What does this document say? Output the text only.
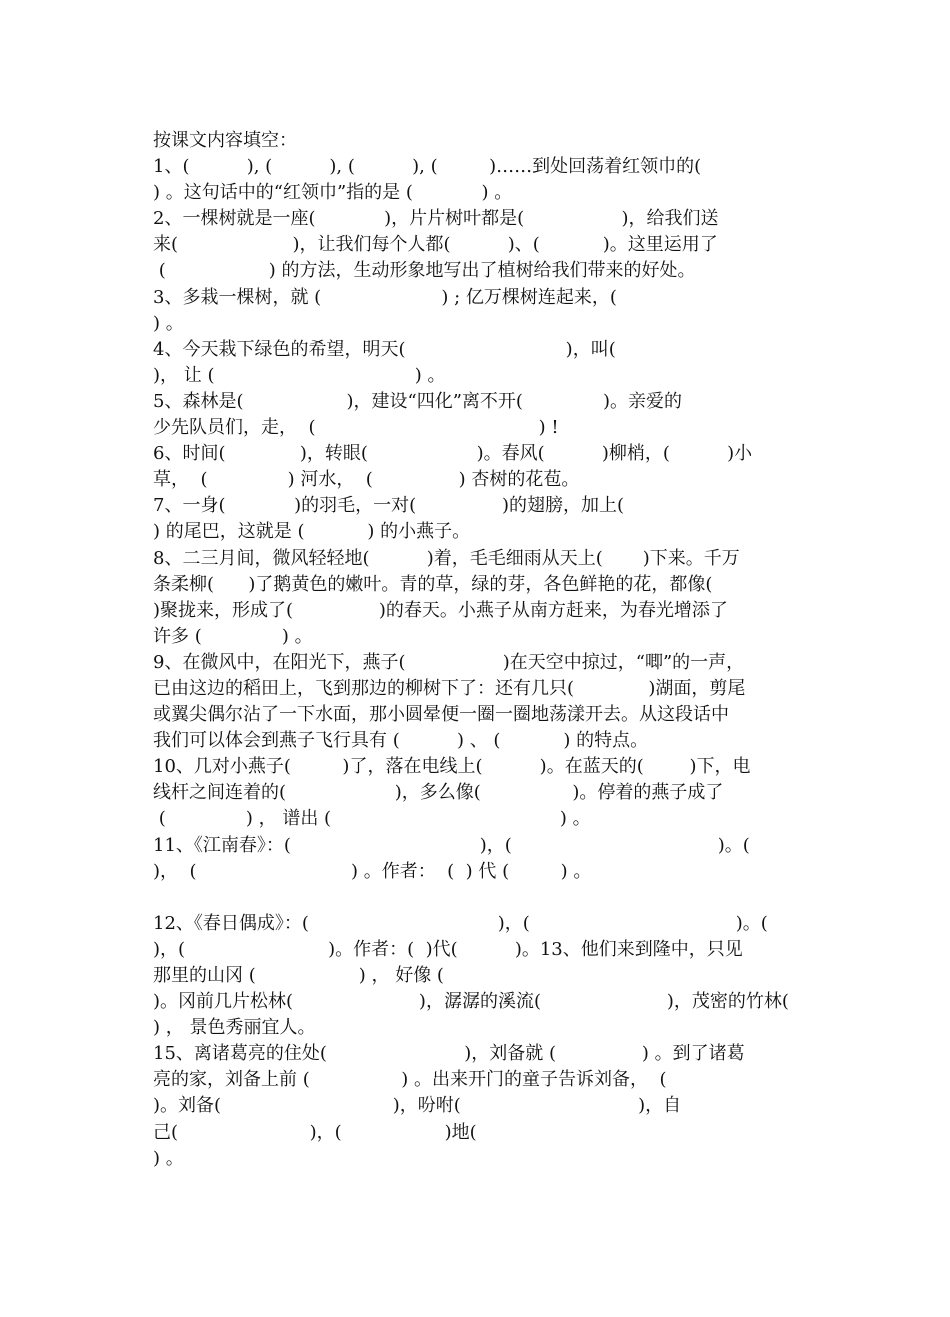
按课文内容填空：
1、(          ), (          ), (          ), (         )……到处回荡着红领巾的(
) 。这句话中的“红领巾”指的是 (            ) 。
2、一棵树就是一座(            )，片片树叶都是(                 )，给我们送
来(                    )，让我们每个人都(          )、(           )。这里运用了
(                  ) 的方法，生动形象地写出了植树给我们带来的好处。
3、多栽一棵树，就 (                     ) ; 亿万棵树连起来，(
) 。
4、今天栽下绿色的希望，明天(                            )，叫(
)， 让 (                                   ) 。
5、森林是(                  )，建设“四化”离不开(              )。亲爱的
少先队员们，走，  (                                       ) !
6、时间(             )，转眼(                   )。春风(          )柳梢，(          )小
草，  (              ) 河水，  (               ) 杏树的花苞。
7、一身(            )的羽毛，一对(               )的翅膀，加上(
) 的尾巴，这就是 (           ) 的小燕子。
8、二三月间，微风轻轻地(          )着，毛毛细雨从天上(       )下来。千万
条柔柳(      )了鹅黄色的嫩叶。青的草，绿的芽，各色鲜艳的花，都像(
)聚拢来，形成了(               )的春天。小燕子从南方赶来，为春光增添了
许多 (              ) 。
9、在微风中，在阳光下，燕子(                 )在天空中掠过，“唧”的一声，
已由这边的稻田上，飞到那边的柳树下了：还有几只(             )湖面，剪尾
或翼尖偶尔沾了一下水面，那小圆晕便一圈一圈地荡漾开去。从这段话中
我们可以体会到燕子飞行具有 (          ) 、 (           ) 的特点。
10、几对小燕子(         )了，落在电线上(          )。在蓝天的(        )下，电
线杆之间连着的(                   )，多么像(                )。停着的燕子成了
(              ) ， 谱出 (                                        ) 。
11、《江南春》：(                                 )，(                                    )。(
)，  (                           ) 。作者：  (  ) 代 (         ) 。
12、《春日偶成》：(                                 )，(                                    )。(
)，(                         )。作者：(  )代(          )。13、他们来到隆中，只见
那里的山冈 (                  ) ， 好像 (
)。冈前几片松林(                      )，潺潺的溪流(                      )，茂密的竹林(
) ， 景色秀丽宜人。
15、离诸葛亮的住处(                        )，刘备就 (               ) 。到了诸葛
亮的家，刘备上前 (                ) 。出来开门的童子告诉刘备，  (
)。刘备(                              )，吩咐(                               )，自
己(                       )，(                  )地(
) 。
